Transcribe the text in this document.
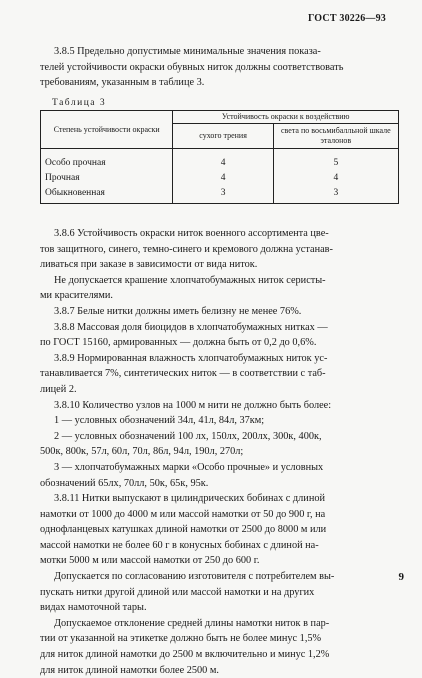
ГОСТ 30226—93

3.8.5 Предельно допустимые минимальные значения показа-
телей устойчивости окраски обувных ниток должны соответствовать
требованиям, указанным в таблице 3.

Таблица 3
Степень устойчивости окраски	Устойчивость окраски к воздействию	
	сухого трения	света по восьмибалльной шкале эталонов
Особо прочная	4	5
Прочная	4	4
Обыкновенная	3	3
3.8.6 Устойчивость окраски ниток военного ассортимента цве-
тов защитного, синего, темно-синего и кремового должна устанав-
ливаться при заказе в зависимости от вида ниток.
Не допускается крашение хлопчатобумажных ниток серисты-
ми красителями.
3.8.7 Белые нитки должны иметь белизну не менее 76%.
3.8.8 Массовая доля биоцидов в хлопчатобумажных нитках —
по ГОСТ 15160, армированных — должна быть от 0,2 до 0,6%.
3.8.9 Нормированная влажность хлопчатобумажных ниток ус-
танавливается 7%, синтетических ниток — в соответствии с таб-
лицей 2.
3.8.10 Количество узлов на 1000 м нити не должно быть более:
1 — условных обозначений 34л, 41л, 84л, 37км;
2 — условных обозначений 100 лх, 150лх, 200лх, 300к, 400к,
500к, 800к, 57л, 60л, 70л, 86л, 94л, 190л, 270л;
3 — хлопчатобумажных марки «Особо прочные» и условных
обозначений 65лх, 70лл, 50к, 65к, 95к.
3.8.11 Нитки выпускают в цилиндрических бобинах с длиной
намотки от 1000 до 4000 м или массой намотки от 50 до 900 г, на
однофланцевых катушках длиной намотки от 2500 до 8000 м или
массой намотки не более 60 г в конусных бобинах с длиной на-
мотки 5000 м или массой намотки от 250 до 600 г.
Допускается по согласованию изготовителя с потребителем вы-
пускать нитки другой длиной или массой намотки и на других
видах намоточной тары.
Допускаемое отклонение средней длины намотки ниток в пар-
тии от указанной на этикетке должно быть не более минус 1,5%
для ниток длиной намотки до 2500 м включительно и минус 1,2%
для ниток длиной намотки более 2500 м.
9
